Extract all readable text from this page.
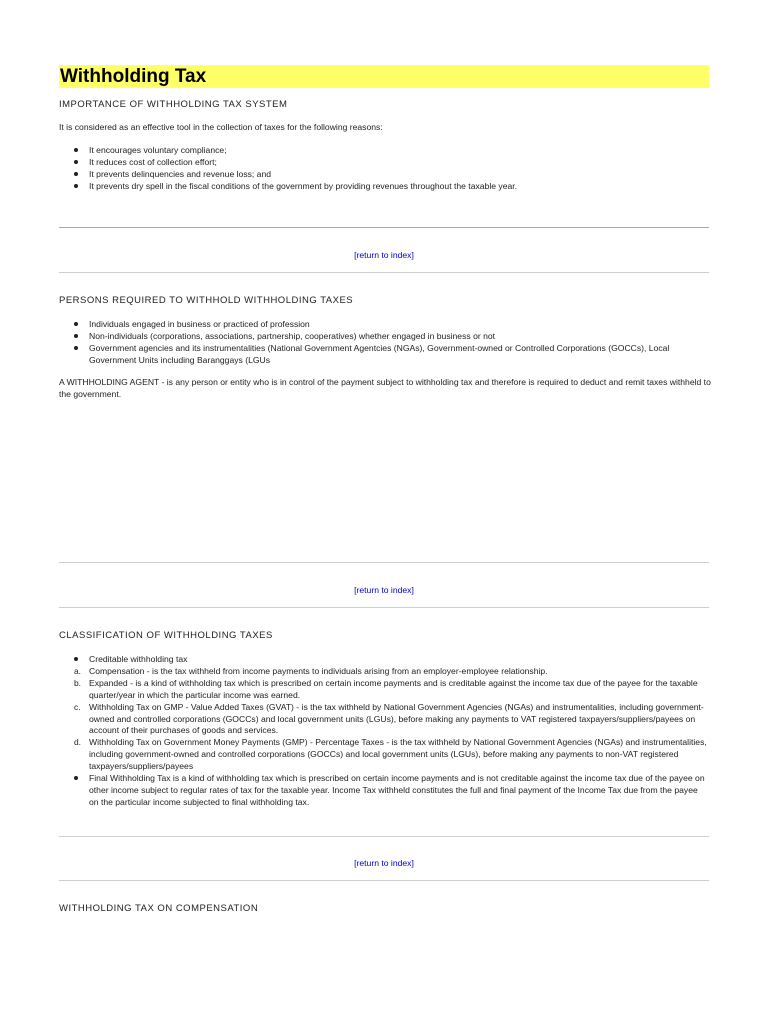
Withholding Tax
IMPORTANCE OF WITHHOLDING TAX SYSTEM
It is considered as an effective tool in the collection of taxes for the following reasons:
It encourages voluntary compliance;
It reduces cost of collection effort;
It prevents delinquencies and revenue loss; and
It prevents dry spell in the fiscal conditions of the government by providing revenues throughout the taxable year.
[return to index]
PERSONS REQUIRED TO WITHHOLD WITHHOLDING TAXES
Individuals engaged in business or practiced of profession
Non-individuals (corporations, associations, partnership, cooperatives) whether engaged in business or not
Government agencies and its instrumentalities (National Government Agentcies (NGAs), Government-owned or Controlled Corporations (GOCCs), Local Government Units including Baranggays (LGUs
A WITHHOLDING AGENT - is any person or entity who is in control of the payment subject to withholding tax and therefore is required to deduct and remit taxes withheld to the government.
[return to index]
CLASSIFICATION OF WITHHOLDING TAXES
Creditable withholding tax
a. Compensation - is the tax withheld from income payments to individuals arising from an employer-employee relationship.
b. Expanded - is a kind of withholding tax which is prescribed on certain income payments and is creditable against the income tax due of the payee for the taxable quarter/year in which the particular income was earned.
c. Withholding Tax on GMP - Value Added Taxes (GVAT) - is the tax withheld by National Government Agencies (NGAs) and instrumentalities, including government-owned and controlled corporations (GOCCs) and local government units (LGUs), before making any payments to VAT registered taxpayers/suppliers/payees on account of their purchases of goods and services.
d. Withholding Tax on Government Money Payments (GMP) - Percentage Taxes - is the tax withheld by National Government Agencies (NGAs) and instrumentalities, including government-owned and controlled corporations (GOCCs) and local government units (LGUs), before making any payments to non-VAT registered taxpayers/suppliers/payees
Final Withholding Tax is a kind of withholding tax which is prescribed on certain income payments and is not creditable against the income tax due of the payee on other income subject to regular rates of tax for the taxable year. Income Tax withheld constitutes the full and final payment of the Income Tax due from the payee on the particular income subjected to final withholding tax.
[return to index]
WITHHOLDING TAX ON COMPENSATION
